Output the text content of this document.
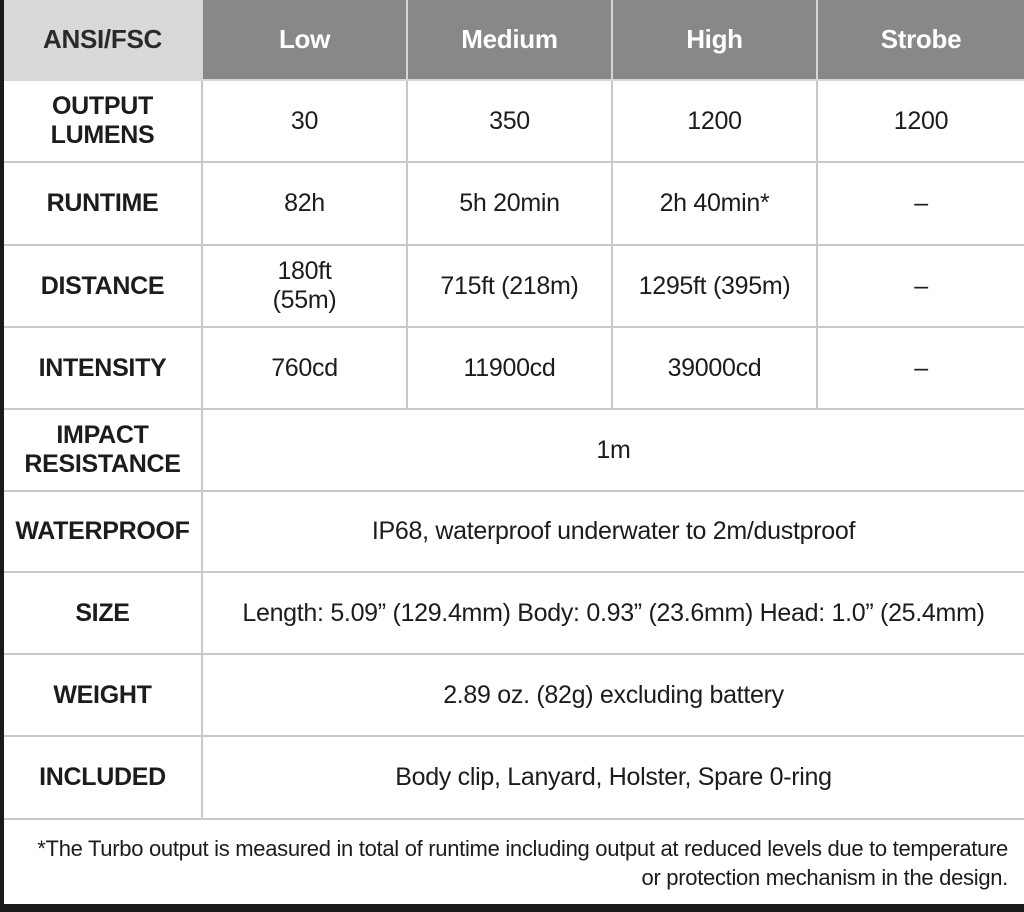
ANSI/FSC	Low	Medium	High	Strobe
OUTPUT
LUMENS	30	350	1200	1200
RUNTIME	82h	5h 20min	2h 40min*	–
DISTANCE	180ft
(55m)	715ft (218m)	1295ft (395m)	–
INTENSITY	760cd	11900cd	39000cd	–
IMPACT
RESISTANCE	1m			
WATERPROOF	IP68, waterproof underwater to 2m/dustproof			
SIZE	Length: 5.09” (129.4mm) Body: 0.93” (23.6mm) Head: 1.0” (25.4mm)			
WEIGHT	2.89 oz. (82g) excluding battery			
INCLUDED	Body clip, Lanyard, Holster, Spare 0-ring			
*The Turbo output is measured in total of runtime including output at reduced levels due to temperature
or protection mechanism in the design.
